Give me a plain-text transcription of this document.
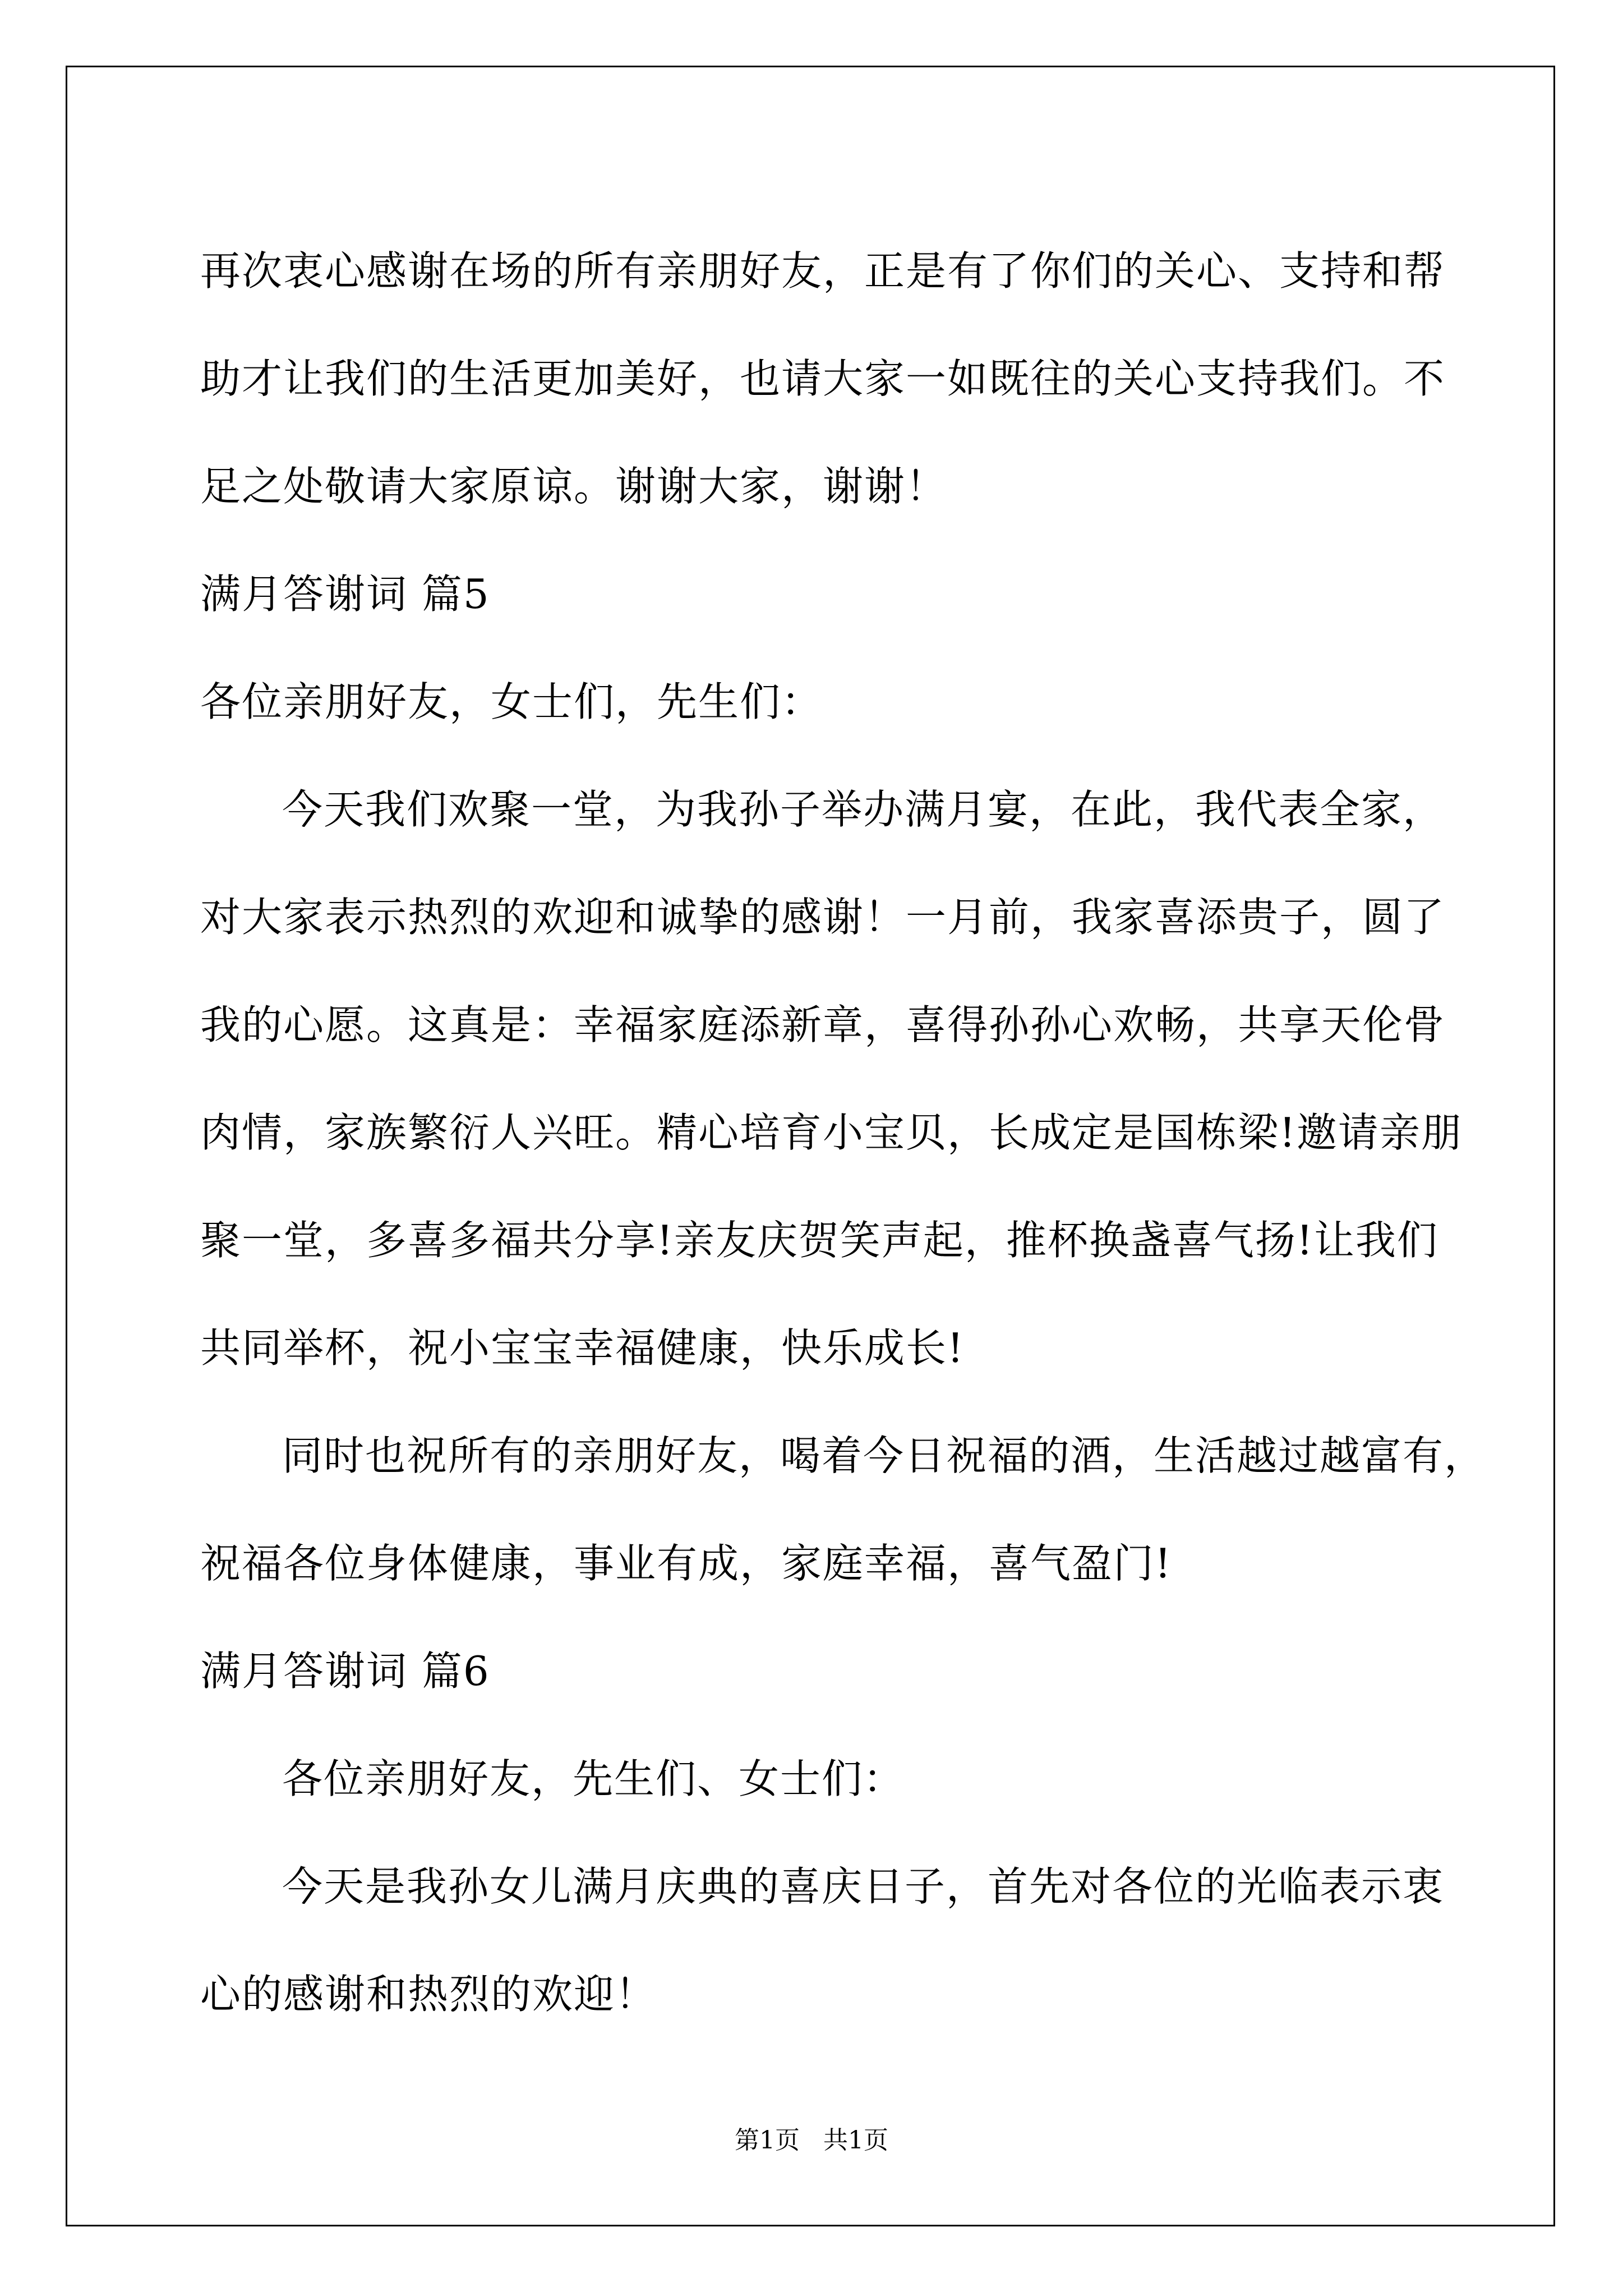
再次衷心感谢在场的所有亲朋好友，正是有了你们的关心、支持和帮
助才让我们的生活更加美好，也请大家一如既往的关心支持我们。不
足之处敬请大家原谅。谢谢大家，谢谢！
满月答谢词 篇5
各位亲朋好友，女士们，先生们：
今天我们欢聚一堂，为我孙子举办满月宴，在此，我代表全家，
对大家表示热烈的欢迎和诚挚的感谢！一月前，我家喜添贵子，圆了
我的心愿。这真是：幸福家庭添新章，喜得孙孙心欢畅，共享天伦骨
肉情，家族繁衍人兴旺。精心培育小宝贝，长成定是国栋梁!邀请亲朋
聚一堂，多喜多福共分享!亲友庆贺笑声起，推杯换盏喜气扬!让我们
共同举杯，祝小宝宝幸福健康，快乐成长!
同时也祝所有的亲朋好友，喝着今日祝福的酒，生活越过越富有，
祝福各位身体健康，事业有成，家庭幸福，喜气盈门!
满月答谢词 篇6
各位亲朋好友，先生们、女士们：
今天是我孙女儿满月庆典的喜庆日子，首先对各位的光临表示衷
心的感谢和热烈的欢迎！
第1页   共1页
